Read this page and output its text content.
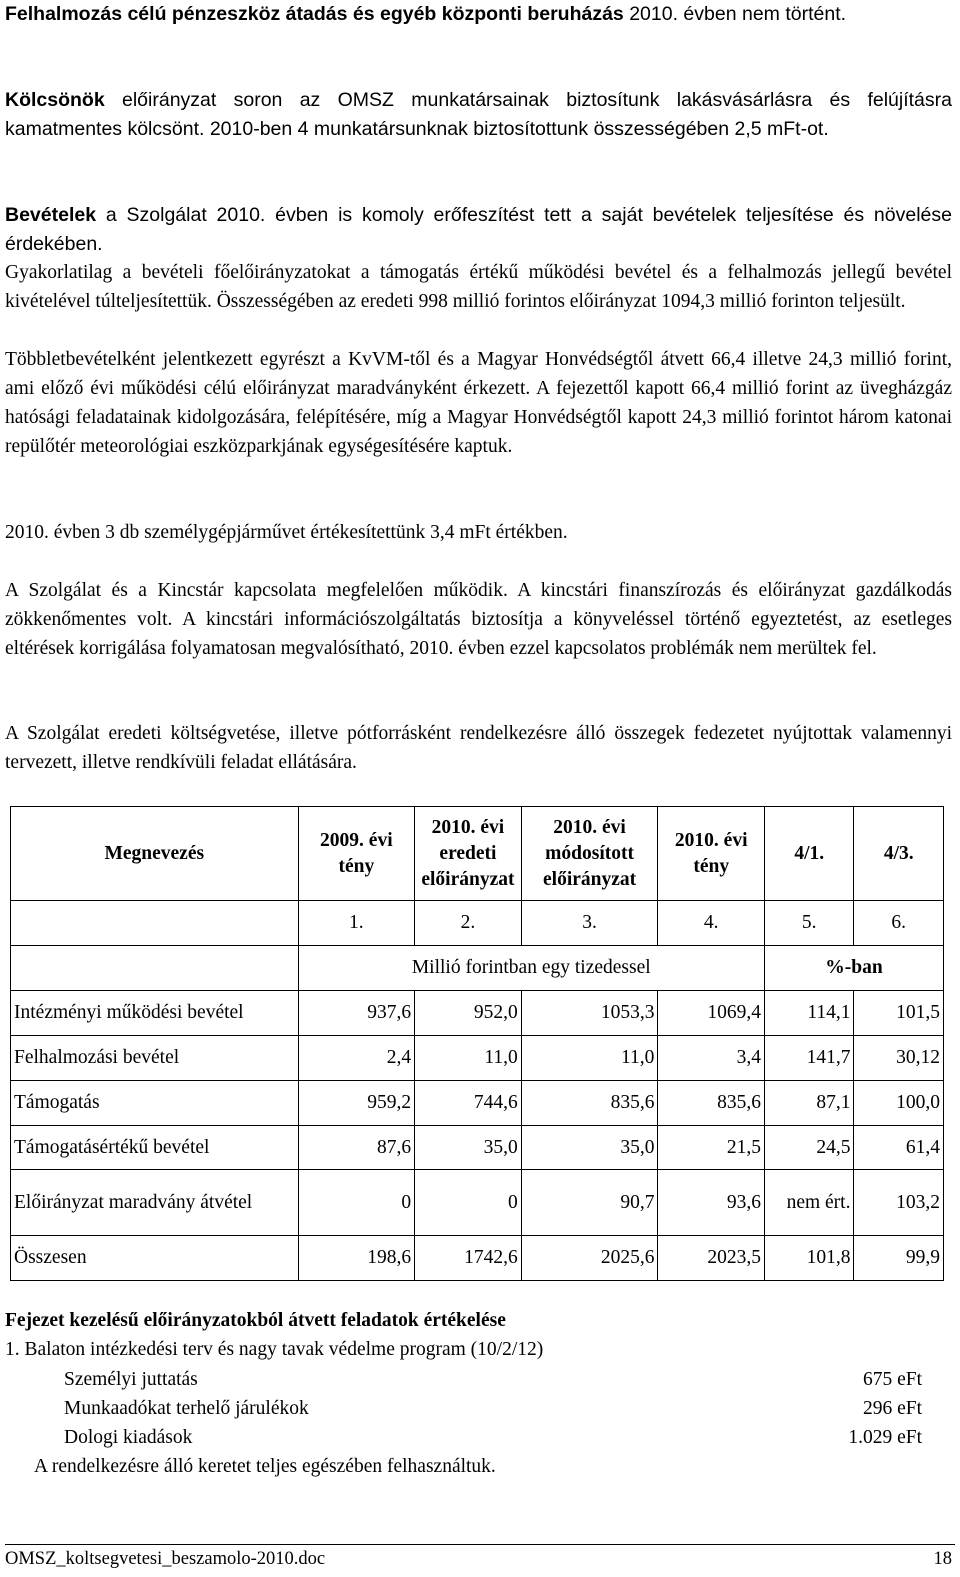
Felhalmozás célú pénzeszköz átadás és egyéb központi beruházás 2010. évben nem történt.

Kölcsönök előirányzat soron az OMSZ munkatársainak biztosítunk lakásvásárlásra és felújításra kamatmentes kölcsönt. 2010-ben 4 munkatársunknak biztosítottunk összességében 2,5 mFt-ot.

Bevételek a Szolgálat 2010. évben is komoly erőfeszítést tett a saját bevételek teljesítése és növelése érdekében.

Gyakorlatilag a bevételi főelőirányzatokat a támogatás értékű működési bevétel és a felhalmozás jellegű bevétel kivételével túlteljesítettük. Összességében az eredeti 998 millió forintos előirányzat 1094,3 millió forinton teljesült.

Többletbevételként jelentkezett egyrészt a KvVM-től és a Magyar Honvédségtől átvett 66,4 illetve 24,3 millió forint, ami előző évi működési célú előirányzat maradványként érkezett. A fejezettől kapott 66,4 millió forint az üvegházgáz hatósági feladatainak kidolgozására, felépítésére, míg a Magyar Honvédségtől kapott 24,3 millió forintot három katonai repülőtér meteorológiai eszközparkjának egységesítésére kaptuk.

2010. évben 3 db személygépjárművet értékesítettünk 3,4 mFt értékben.

A Szolgálat és a Kincstár kapcsolata megfelelően működik. A kincstári finanszírozás és előirányzat gazdálkodás zökkenőmentes volt. A kincstári információszolgáltatás biztosítja a könyveléssel történő egyeztetést, az esetleges eltérések korrigálása folyamatosan megvalósítható, 2010. évben ezzel kapcsolatos problémák nem merültek fel.

A Szolgálat eredeti költségvetése, illetve pótforrásként rendelkezésre álló összegek fedezetet nyújtottak valamennyi tervezett, illetve rendkívüli feladat ellátására.

Megnevezés	2009. évi tény	2010. évi eredeti előirányzat	2010. évi módosított előirányzat	2010. évi tény	4/1.	4/3.
	1.	2.	3.	4.	5.	6.
	Millió forintban egy tizedessel				%-ban	
Intézményi működési bevétel	937,6	952,0	1053,3	1069,4	114,1	101,5
Felhalmozási bevétel	2,4	11,0	11,0	3,4	141,7	30,12
Támogatás	959,2	744,6	835,6	835,6	87,1	100,0
Támogatásértékű bevétel	87,6	35,0	35,0	21,5	24,5	61,4
Előirányzat maradvány átvétel	0	0	90,7	93,6	nem ért.	103,2
Összesen	198,6	1742,6	2025,6	2023,5	101,8	99,9
Fejezet kezelésű előirányzatokból átvett feladatok értékelése
1. Balaton intézkedési terv és nagy tavak védelme program (10/2/12)
Személyi juttatás	675 eFt
Munkaadókat terhelő járulékok	296 eFt
Dologi kiadások	1.029 eFt
A rendelkezésre álló keretet teljes egészében felhasználtuk.
OMSZ_koltsegvetesi_beszamolo-2010.doc	18
